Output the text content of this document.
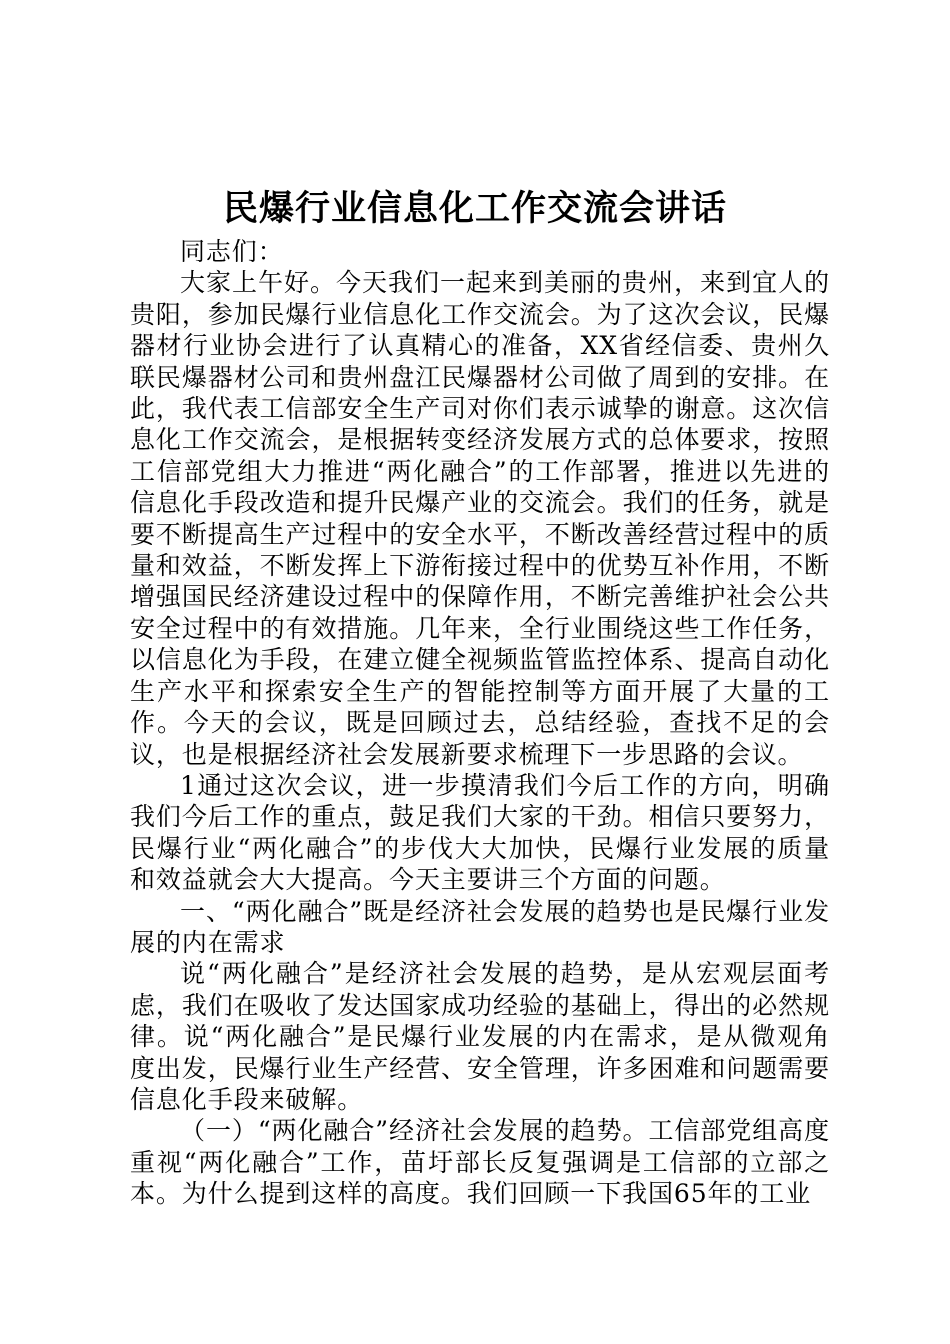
民爆行业信息化工作交流会讲话

同志们：

大家上午好。今天我们一起来到美丽的贵州，来到宜人的贵阳，参加民爆行业信息化工作交流会。为了这次会议，民爆器材行业协会进行了认真精心的准备，XX省经信委、贵州久联民爆器材公司和贵州盘江民爆器材公司做了周到的安排。在此，我代表工信部安全生产司对你们表示诚挚的谢意。这次信息化工作交流会，是根据转变经济发展方式的总体要求，按照工信部党组大力推进“两化融合”的工作部署，推进以先进的信息化手段改造和提升民爆产业的交流会。我们的任务，就是要不断提高生产过程中的安全水平，不断改善经营过程中的质量和效益，不断发挥上下游衔接过程中的优势互补作用，不断增强国民经济建设过程中的保障作用，不断完善维护社会公共安全过程中的有效措施。几年来，全行业围绕这些工作任务，以信息化为手段，在建立健全视频监管监控体系、提高自动化生产水平和探索安全生产的智能控制等方面开展了大量的工作。今天的会议，既是回顾过去，总结经验，查找不足的会议，也是根据经济社会发展新要求梳理下一步思路的会议。

1通过这次会议，进一步摸清我们今后工作的方向，明确我们今后工作的重点，鼓足我们大家的干劲。相信只要努力，民爆行业“两化融合”的步伐大大加快，民爆行业发展的质量和效益就会大大提高。今天主要讲三个方面的问题。

一、“两化融合”既是经济社会发展的趋势也是民爆行业发展的内在需求

说“两化融合”是经济社会发展的趋势，是从宏观层面考虑，我们在吸收了发达国家成功经验的基础上，得出的必然规律。说“两化融合”是民爆行业发展的内在需求，是从微观角度出发，民爆行业生产经营、安全管理，许多困难和问题需要信息化手段来破解。

（一）“两化融合”经济社会发展的趋势。工信部党组高度重视“两化融合”工作，苗圩部长反复强调是工信部的立部之本。为什么提到这样的高度。我们回顾一下我国65年的工业
